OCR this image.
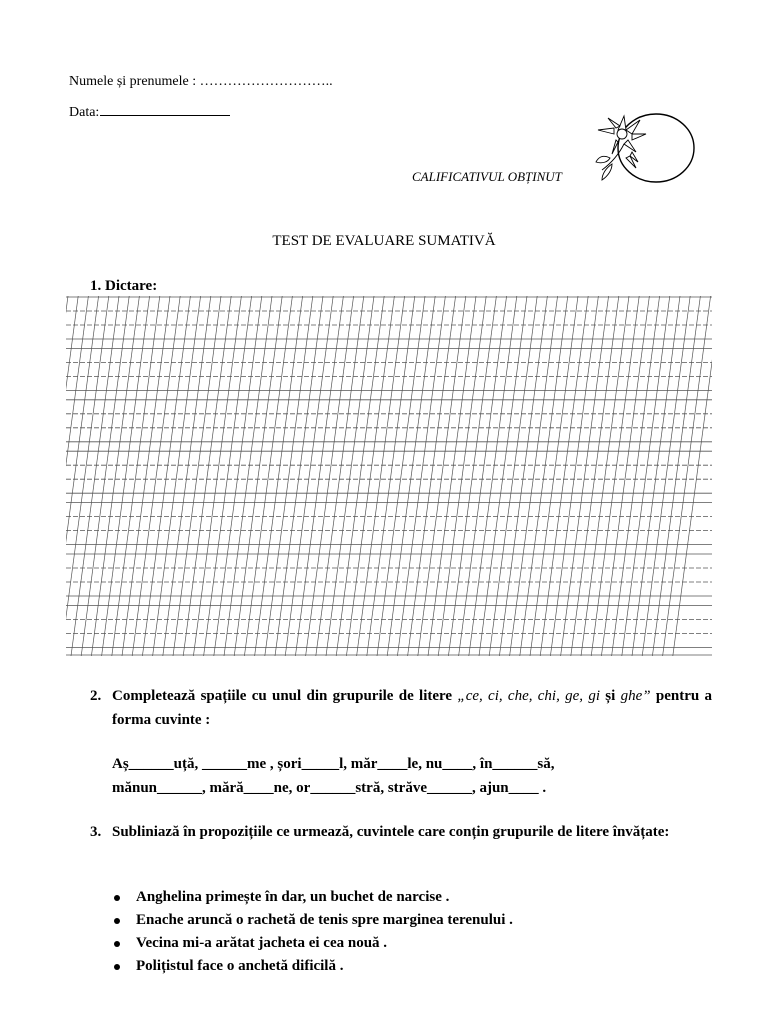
Numele și prenumele : ………………………..
Data:
CALIFICATIVUL OBȚINUT
TEST DE EVALUARE SUMATIVĂ
1. Dictare:
2. Completează spațiile cu unul din grupurile de litere „ce, ci, che, chi, ge, gi și ghe” pentru a forma cuvinte :
Aș______uță, ______me , șori_____l, măr____le, nu____, în______să,
mănun______, mără____ne, or______stră, străve______, ajun____ .
3. Subliniază în propozițiile ce urmează, cuvintele care conțin grupurile de litere învățate:
Anghelina primește în dar, un buchet de narcise .
Enache aruncă o rachetă de tenis spre marginea terenului .
Vecina mi-a arătat jacheta ei cea nouă .
Polițistul face o anchetă dificilă .
